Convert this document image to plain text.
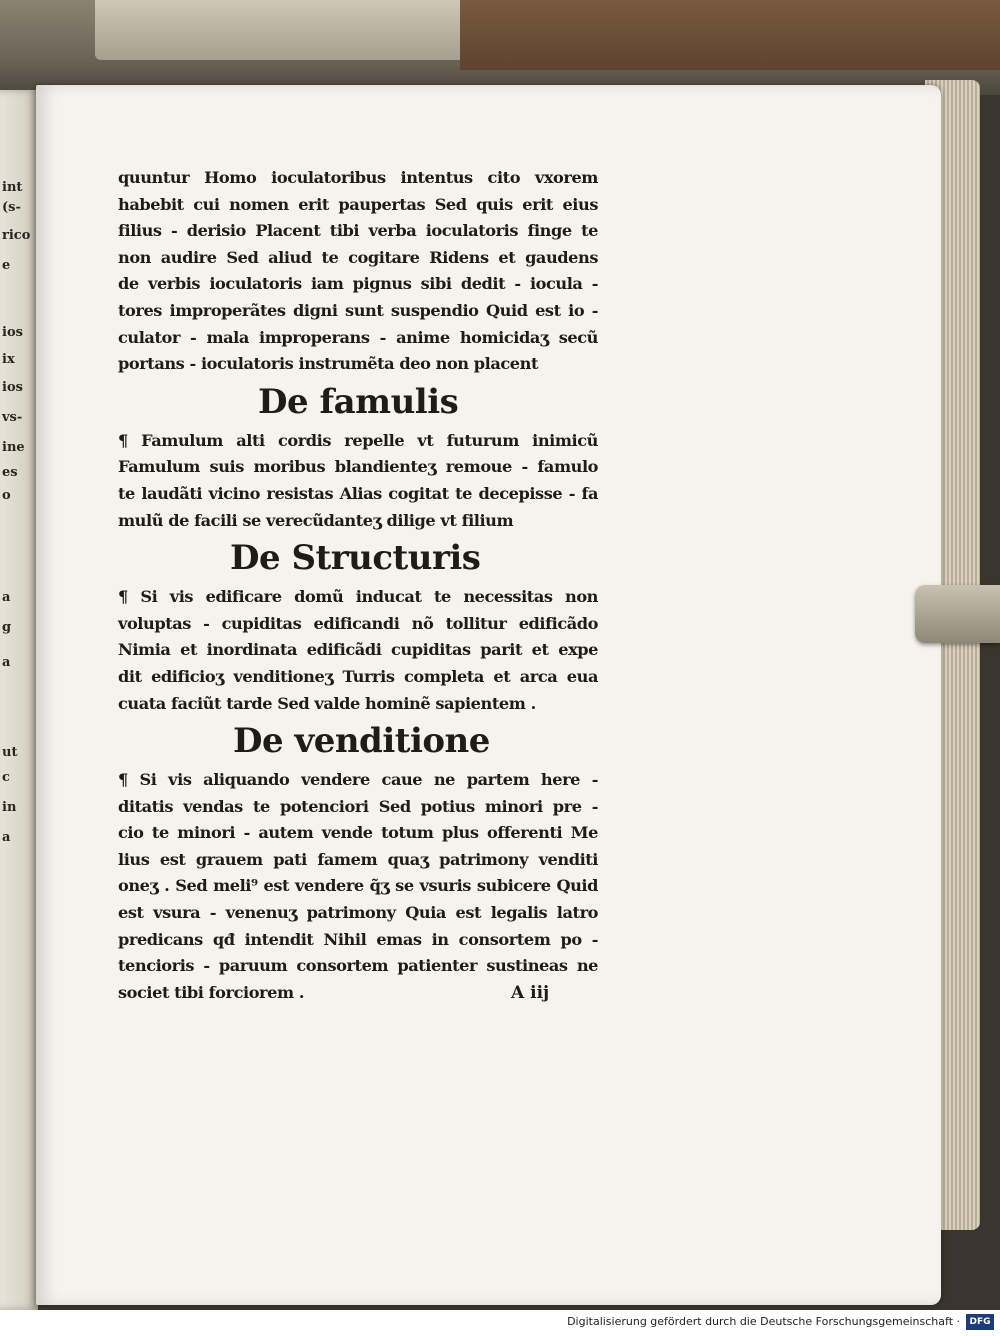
int
(s-
rico
e
ios
ix
ios
vs-
ine
es
o
a
g
a
ut
c
in
a
quuntur Homo ioculatoribus intentus cito vxorem
habebit cui nomen erit paupertas Sed quis erit eius
filius - derisio Placent tibi verba ioculatoris finge te
non audire Sed aliud te cogitare Ridens et gaudens
de verbis ioculatoris iam pignus sibi dedit - iocula -
tores improperãtes digni sunt suspendio Quid est io -
culator - mala improperans - anime homicidaʒ secũ
portans - ioculatoris instrumẽta deo non placent
De famulis
¶ Famulum alti cordis repelle vt futurum inimicũ
Famulum suis moribus blandienteʒ remoue - famulo
te laudãti vicino resistas Alias cogitat te decepisse - fa
mulũ de facili se verecũdanteʒ dilige vt filium
De Structuris
¶ Si vis edificare domũ inducat te necessitas non
voluptas - cupiditas edificandi nõ tollitur edificãdo
Nimia et inordinata edificãdi cupiditas parit et expe
dit edificioʒ venditioneʒ Turris completa et arca eua
cuata faciũt tarde Sed valde hominẽ sapientem .
De venditione
¶ Si vis aliquando vendere caue ne partem here -
ditatis vendas te potenciori Sed potius minori pre -
cio te minori - autem vende totum plus offerenti Me
lius est grauem pati famem quaʒ patrimony venditi
oneʒ . Sed meli⁹ est vendere q̃ʒ se vsuris subicere Quid
est vsura - venenuʒ patrimony Quia est legalis latro
predicans qđ intendit Nihil emas in consortem po -
tencioris - paruum consortem patienter sustineas ne
societ tibi forciorem .	A iij
Digitalisierung gefördert durch die Deutsche Forschungsgemeinschaft ·	DFG
